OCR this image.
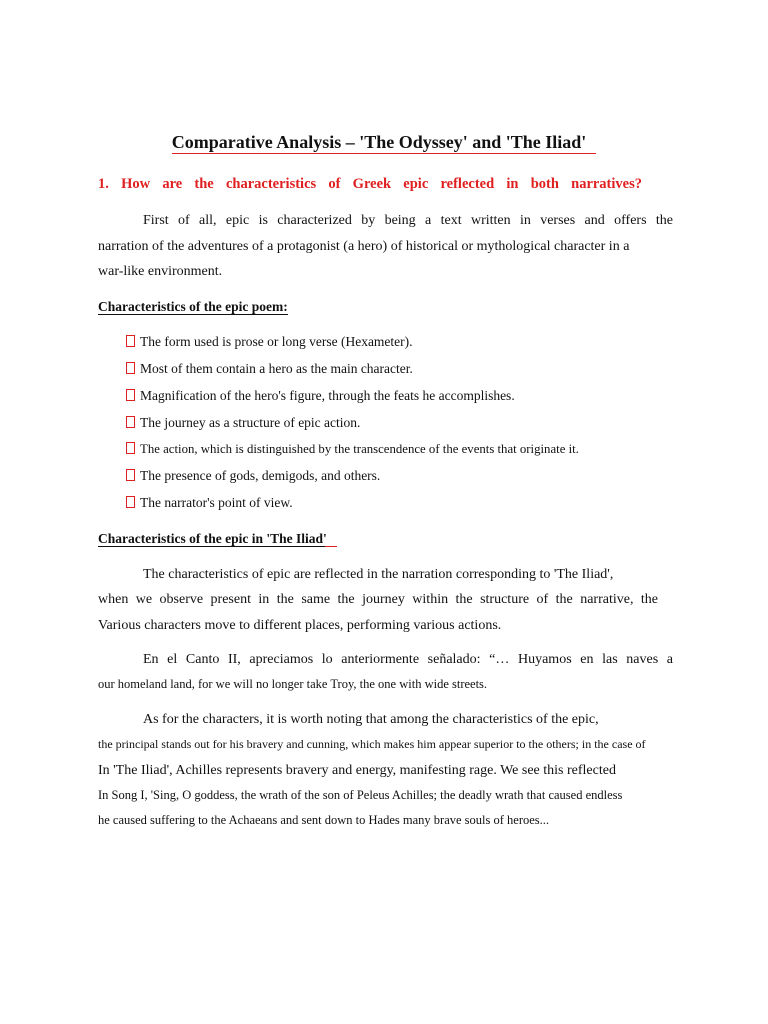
Comparative Analysis – 'The Odyssey' and 'The Iliad'
1. How are the characteristics of Greek epic reflected in both narratives?
First of all, epic is characterized by being a text written in verses and offers the
narration of the adventures of a protagonist (a hero) of historical or mythological character in a
war-like environment.
Characteristics of the epic poem:
The form used is prose or long verse (Hexameter).
Most of them contain a hero as the main character.
Magnification of the hero's figure, through the feats he accomplishes.
The journey as a structure of epic action.
The action, which is distinguished by the transcendence of the events that originate it.
The presence of gods, demigods, and others.
The narrator's point of view.
Characteristics of the epic in 'The Iliad'
The characteristics of epic are reflected in the narration corresponding to 'The Iliad',
when we observe present in the same the journey within the structure of the narrative, the
Various characters move to different places, performing various actions.
En el Canto II, apreciamos lo anteriormente señalado: “… Huyamos en las naves a
our homeland land, for we will no longer take Troy, the one with wide streets.
As for the characters, it is worth noting that among the characteristics of the epic,
the principal stands out for his bravery and cunning, which makes him appear superior to the others; in the case of
In 'The Iliad', Achilles represents bravery and energy, manifesting rage. We see this reflected
In Song I, 'Sing, O goddess, the wrath of the son of Peleus Achilles; the deadly wrath that caused endless
he caused suffering to the Achaeans and sent down to Hades many brave souls of heroes...
